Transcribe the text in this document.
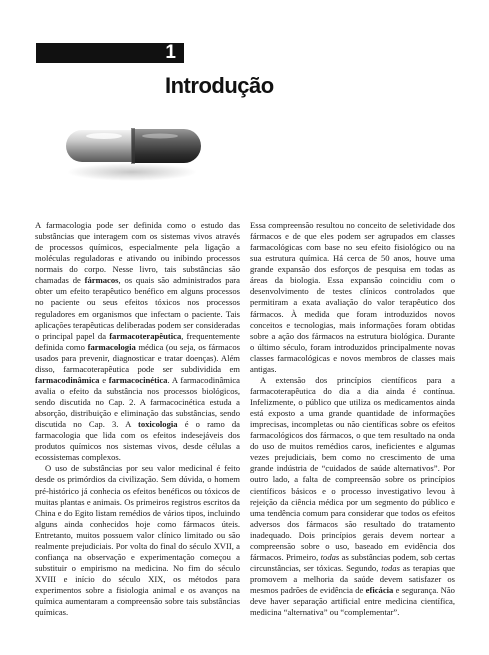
1
Introdução

A farmacologia pode ser definida como o estudo das substâncias que interagem com os sistemas vivos através de processos químicos, especialmente pela ligação a moléculas reguladoras e ativando ou inibindo processos normais do corpo. Nesse livro, tais substâncias são chamadas de fármacos, os quais são administrados para obter um efeito terapêutico benéfico em alguns processos no paciente ou seus efeitos tóxicos nos processos reguladores em organismos que infectam o paciente. Tais aplicações terapêuticas deliberadas podem ser consideradas o principal papel da farmacoterapêutica, frequentemente definida como farmacologia médica (ou seja, os fármacos usados para prevenir, diagnosticar e tratar doenças). Além disso, farmacoterapêutica pode ser subdividida em farmacodinâmica e farmacocinética. A farmacodinâmica avalia o efeito da substância nos processos biológicos, sendo discutida no Cap. 2. A farmacocinética estuda a absorção, distribuição e eliminação das substâncias, sendo discutida no Cap. 3. A toxicologia é o ramo da farmacologia que lida com os efeitos indesejáveis dos produtos químicos nos sistemas vivos, desde células a ecossistemas complexos.

O uso de substâncias por seu valor medicinal é feito desde os primórdios da civilização. Sem dúvida, o homem pré-histórico já conhecia os efeitos benéficos ou tóxicos de muitas plantas e animais. Os primeiros registros escritos da China e do Egito listam remédios de vários tipos, incluindo alguns ainda conhecidos hoje como fármacos úteis. Entretanto, muitos possuem valor clínico limitado ou são realmente prejudiciais. Por volta do final do século XVII, a confiança na observação e experimentação começou a substituir o empirismo na medicina. No fim do século XVIII e início do século XIX, os métodos para experimentos sobre a fisiologia animal e os avanços na química aumentaram a compreensão sobre tais substâncias químicas.

Essa compreensão resultou no conceito de seletividade dos fármacos e de que eles podem ser agrupados em classes farmacológicas com base no seu efeito fisiológico ou na sua estrutura química. Há cerca de 50 anos, houve uma grande expansão dos esforços de pesquisa em todas as áreas da biologia. Essa expansão coincidiu com o desenvolvimento de testes clínicos controlados que permitiram a exata avaliação do valor terapêutico dos fármacos. À medida que foram introduzidos novos conceitos e tecnologias, mais informações foram obtidas sobre a ação dos fármacos na estrutura biológica. Durante o último século, foram introduzidos principalmente novas classes farmacológicas e novos membros de classes mais antigas.

A extensão dos princípios científicos para a farmacoterapêutica do dia a dia ainda é contínua. Infelizmente, o público que utiliza os medicamentos ainda está exposto a uma grande quantidade de informações imprecisas, incompletas ou não científicas sobre os efeitos farmacológicos dos fármacos, o que tem resultado na onda do uso de muitos remédios caros, ineficientes e algumas vezes prejudiciais, bem como no crescimento de uma grande indústria de “cuidados de saúde alternativos”. Por outro lado, a falta de compreensão sobre os princípios científicos básicos e o processo investigativo levou à rejeição da ciência médica por um segmento do público e uma tendência comum para considerar que todos os efeitos adversos dos fármacos são resultado do tratamento inadequado. Dois princípios gerais devem nortear a compreensão sobre o uso, baseado em evidência dos fármacos. Primeiro, todas as substâncias podem, sob certas circunstâncias, ser tóxicas. Segundo, todas as terapias que promovem a melhoria da saúde devem satisfazer os mesmos padrões de evidência de eficácia e segurança. Não deve haver separação artificial entre medicina científica, medicina “alternativa” ou “complementar”.
